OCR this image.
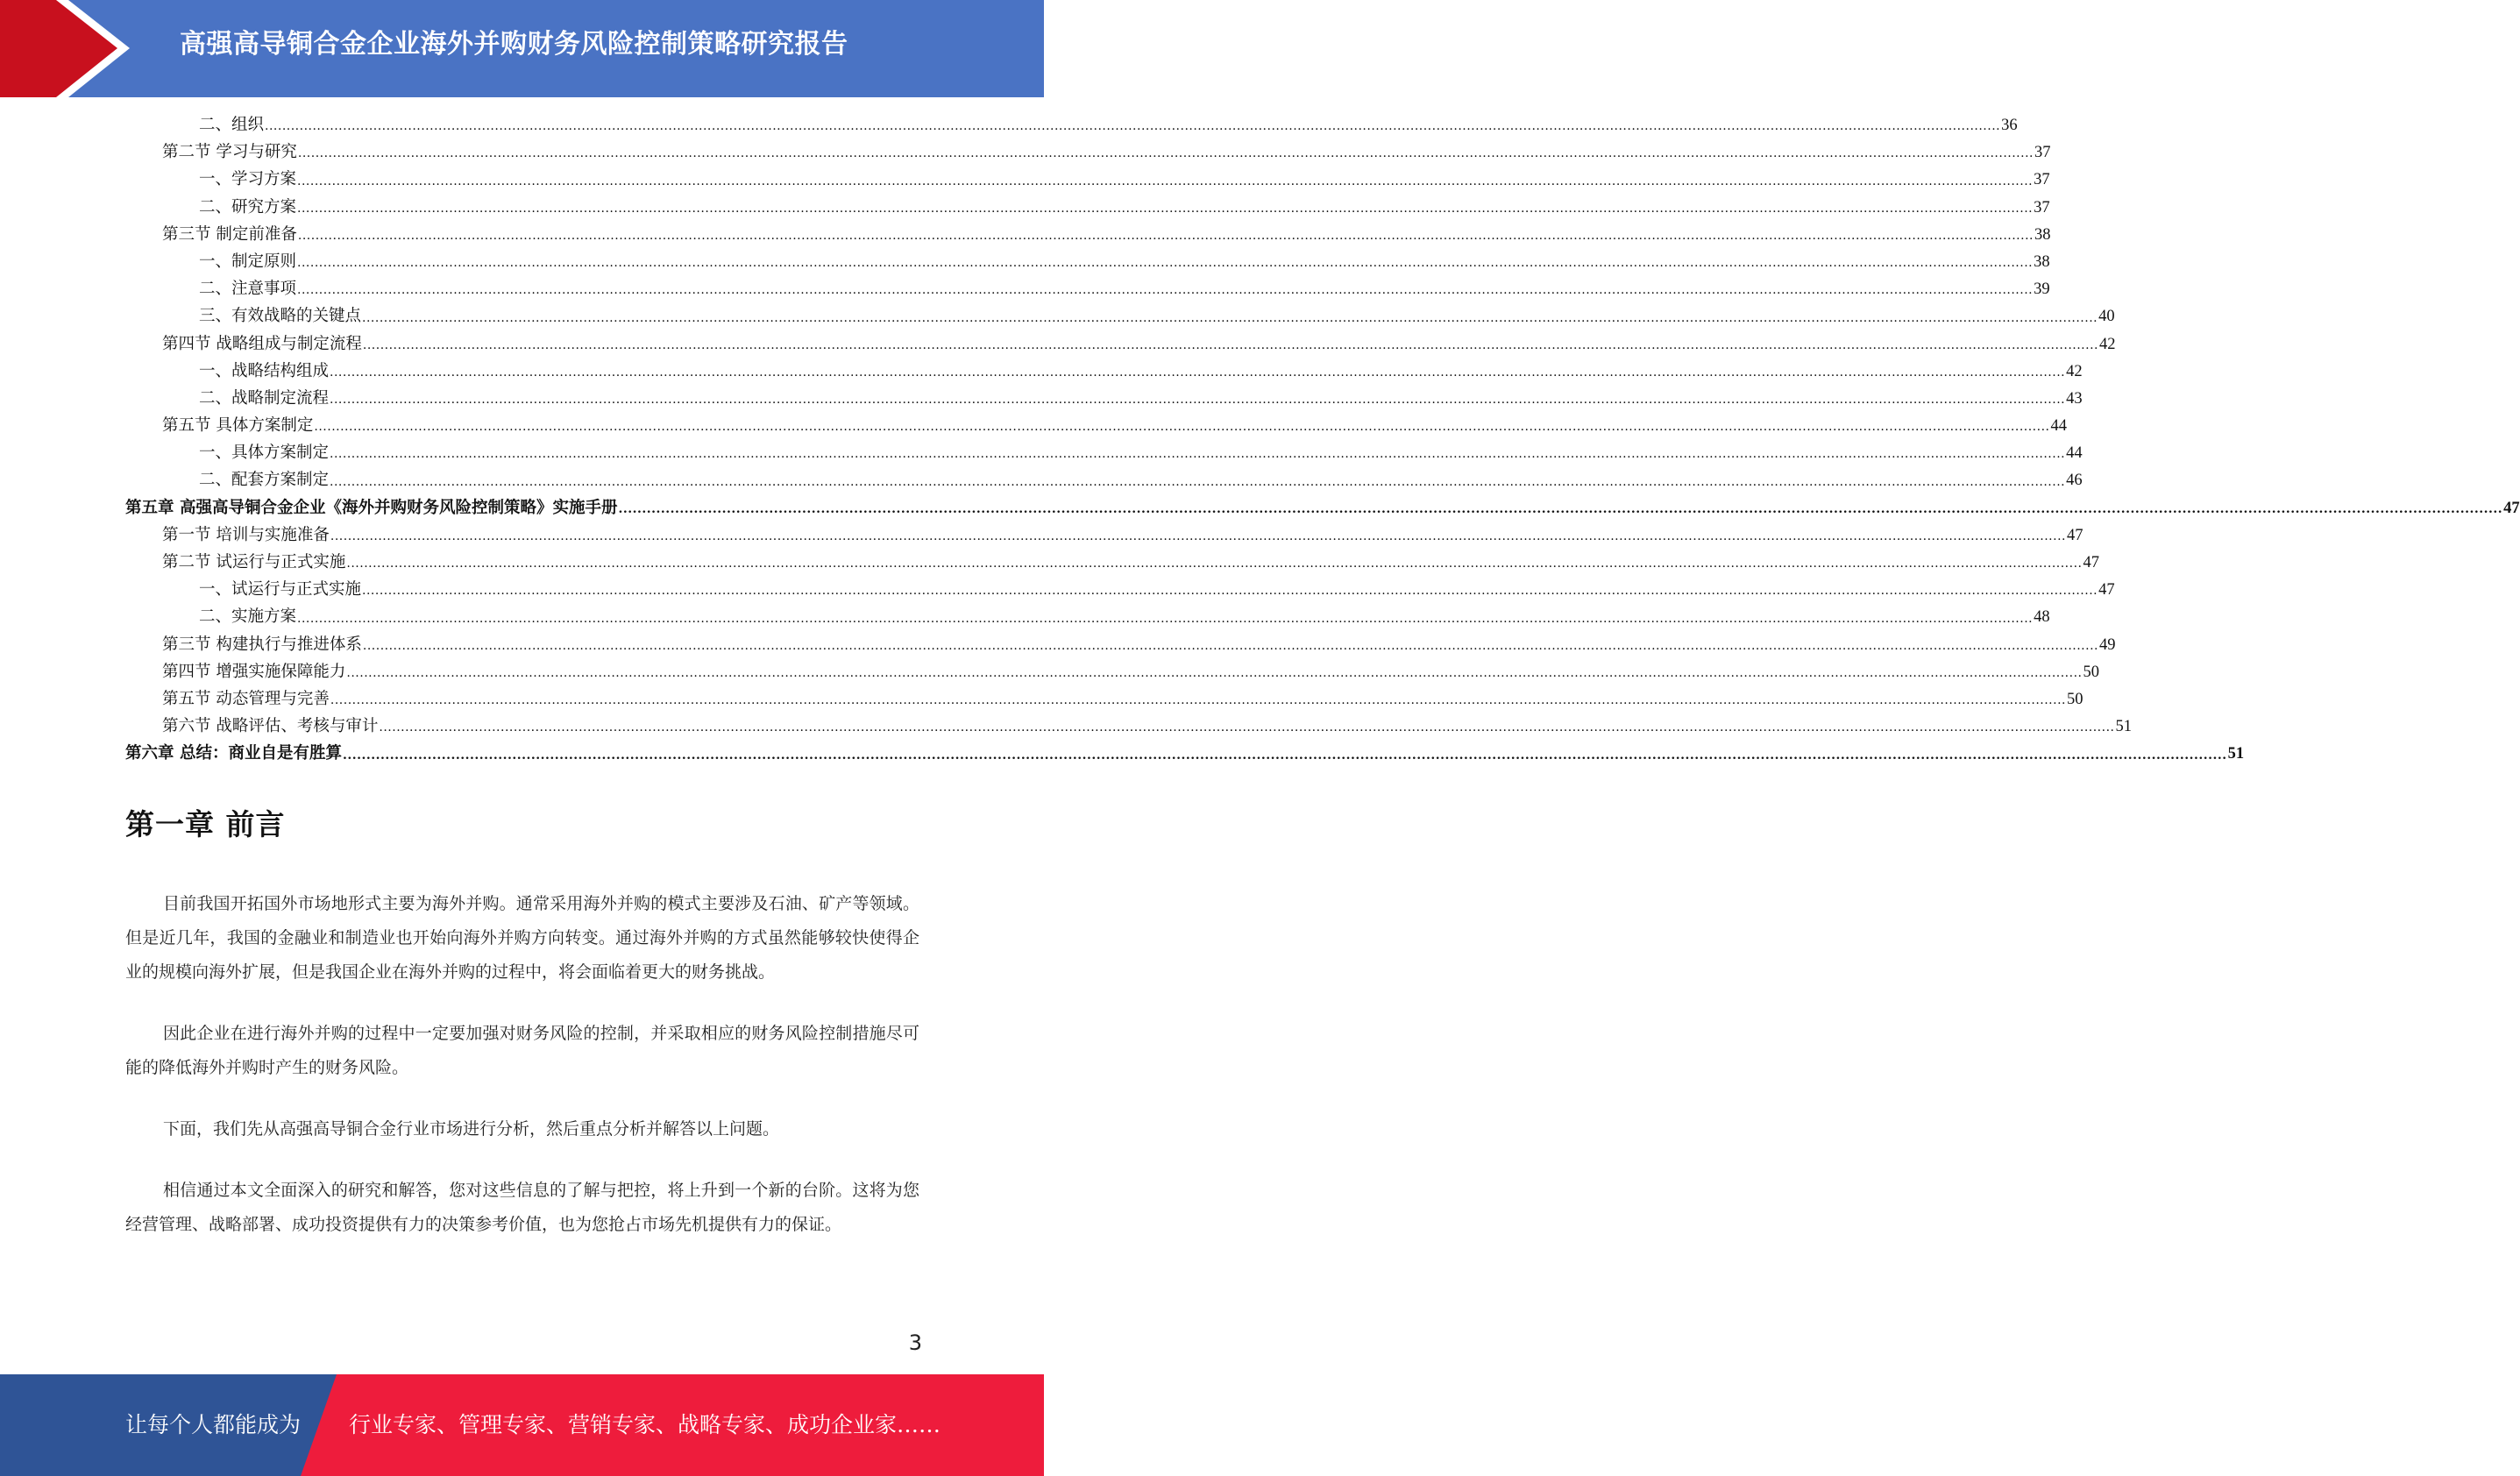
高强高导铜合金企业海外并购财务风险控制策略研究报告
二、组织 ................................................................................................................................................................................................................................................................................................................................................................................................................ 36
第二节 学习与研究 ................................................................................................................................................................................................................................................................................................................................................................................................................ 37
一、学习方案 ................................................................................................................................................................................................................................................................................................................................................................................................................ 37
二、研究方案 ................................................................................................................................................................................................................................................................................................................................................................................................................ 37
第三节 制定前准备 ................................................................................................................................................................................................................................................................................................................................................................................................................ 38
一、制定原则 ................................................................................................................................................................................................................................................................................................................................................................................................................ 38
二、注意事项 ................................................................................................................................................................................................................................................................................................................................................................................................................ 39
三、有效战略的关键点 ................................................................................................................................................................................................................................................................................................................................................................................................................ 40
第四节 战略组成与制定流程 ................................................................................................................................................................................................................................................................................................................................................................................................................ 42
一、战略结构组成 ................................................................................................................................................................................................................................................................................................................................................................................................................ 42
二、战略制定流程 ................................................................................................................................................................................................................................................................................................................................................................................................................ 43
第五节 具体方案制定 ................................................................................................................................................................................................................................................................................................................................................................................................................ 44
一、具体方案制定 ................................................................................................................................................................................................................................................................................................................................................................................................................ 44
二、配套方案制定 ................................................................................................................................................................................................................................................................................................................................................................................................................ 46
第五章 高强高导铜合金企业《海外并购财务风险控制策略》实施手册 ................................................................................................................................................................................................................................................................................................................................................................................................................ 47
第一节 培训与实施准备 ................................................................................................................................................................................................................................................................................................................................................................................................................ 47
第二节 试运行与正式实施 ................................................................................................................................................................................................................................................................................................................................................................................................................ 47
一、试运行与正式实施 ................................................................................................................................................................................................................................................................................................................................................................................................................ 47
二、实施方案 ................................................................................................................................................................................................................................................................................................................................................................................................................ 48
第三节 构建执行与推进体系 ................................................................................................................................................................................................................................................................................................................................................................................................................ 49
第四节 增强实施保障能力 ................................................................................................................................................................................................................................................................................................................................................................................................................ 50
第五节 动态管理与完善 ................................................................................................................................................................................................................................................................................................................................................................................................................ 50
第六节 战略评估、考核与审计 ................................................................................................................................................................................................................................................................................................................................................................................................................ 51
第六章 总结：商业自是有胜算 ................................................................................................................................................................................................................................................................................................................................................................................................................ 51
第一章 前言

目前我国开拓国外市场地形式主要为海外并购。通常采用海外并购的模式主要涉及石油、矿产等领域。但是近几年，我国的金融业和制造业也开始向海外并购方向转变。通过海外并购的方式虽然能够较快使得企业的规模向海外扩展，但是我国企业在海外并购的过程中，将会面临着更大的财务挑战。

因此企业在进行海外并购的过程中一定要加强对财务风险的控制，并采取相应的财务风险控制措施尽可能的降低海外并购时产生的财务风险。

下面，我们先从高强高导铜合金行业市场进行分析，然后重点分析并解答以上问题。

相信通过本文全面深入的研究和解答，您对这些信息的了解与把控，将上升到一个新的台阶。这将为您经营管理、战略部署、成功投资提供有力的决策参考价值，也为您抢占市场先机提供有力的保证。

3
让每个人都能成为 行业专家、管理专家、营销专家、战略专家、成功企业家……
